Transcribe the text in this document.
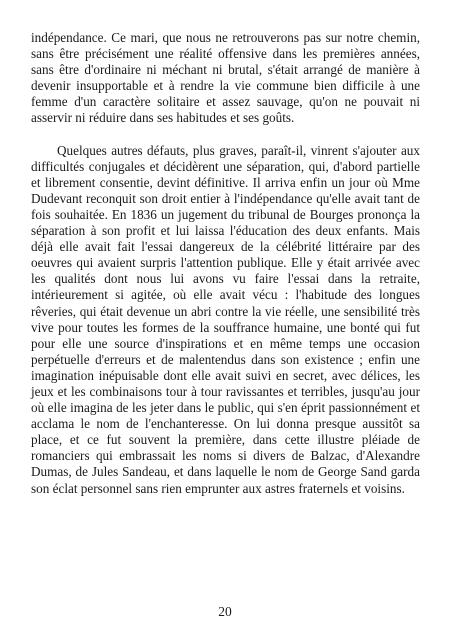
indépendance. Ce mari, que nous ne retrouverons pas sur notre chemin, sans être précisément une réalité offensive dans les premières années, sans être d'ordinaire ni méchant ni brutal, s'était arrangé de manière à devenir insupportable et à rendre la vie commune bien difficile à une femme d'un caractère solitaire et assez sauvage, qu'on ne pouvait ni asservir ni réduire dans ses habitudes et ses goûts.

Quelques autres défauts, plus graves, paraît-il, vinrent s'ajouter aux difficultés conjugales et décidèrent une séparation, qui, d'abord partielle et librement consentie, devint définitive. Il arriva enfin un jour où Mme Dudevant reconquit son droit entier à l'indépendance qu'elle avait tant de fois souhaitée. En 1836 un jugement du tribunal de Bourges prononça la séparation à son profit et lui laissa l'éducation des deux enfants. Mais déjà elle avait fait l'essai dangereux de la célébrité littéraire par des oeuvres qui avaient surpris l'attention publique. Elle y était arrivée avec les qualités dont nous lui avons vu faire l'essai dans la retraite, intérieurement si agitée, où elle avait vécu : l'habitude des longues rêveries, qui était devenue un abri contre la vie réelle, une sensibilité très vive pour toutes les formes de la souffrance humaine, une bonté qui fut pour elle une source d'inspirations et en même temps une occasion perpétuelle d'erreurs et de malentendus dans son existence ; enfin une imagination inépuisable dont elle avait suivi en secret, avec délices, les jeux et les combinaisons tour à tour ravissantes et terribles, jusqu'au jour où elle imagina de les jeter dans le public, qui s'en éprit passionnément et acclama le nom de l'enchanteresse. On lui donna presque aussitôt sa place, et ce fut souvent la première, dans cette illustre pléiade de romanciers qui embrassait les noms si divers de Balzac, d'Alexandre Dumas, de Jules Sandeau, et dans laquelle le nom de George Sand garda son éclat personnel sans rien emprunter aux astres fraternels et voisins.

20
